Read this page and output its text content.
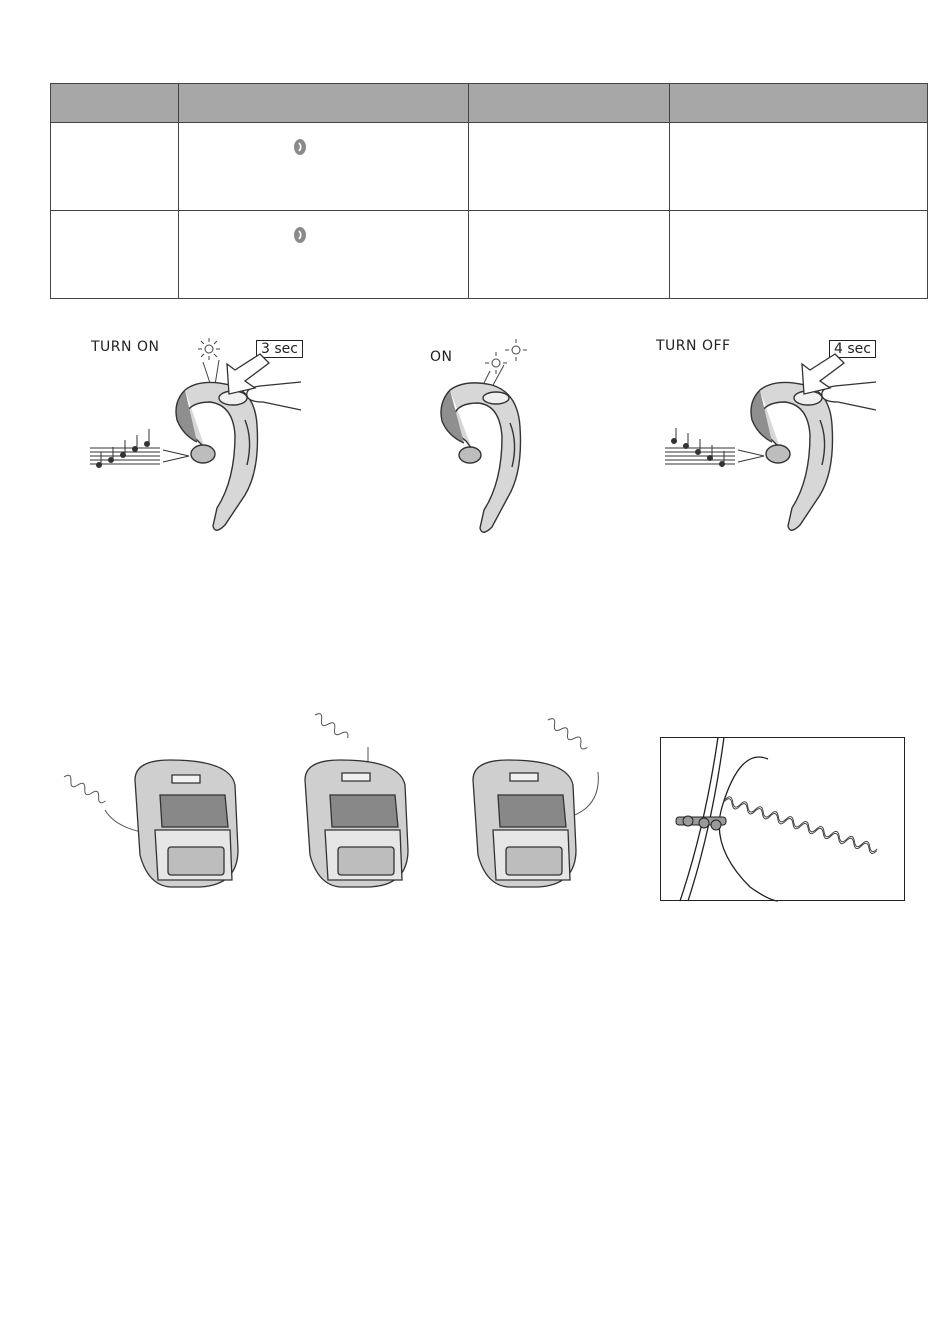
TURN ON	3 sec	ON
TURN OFF	4 sec
